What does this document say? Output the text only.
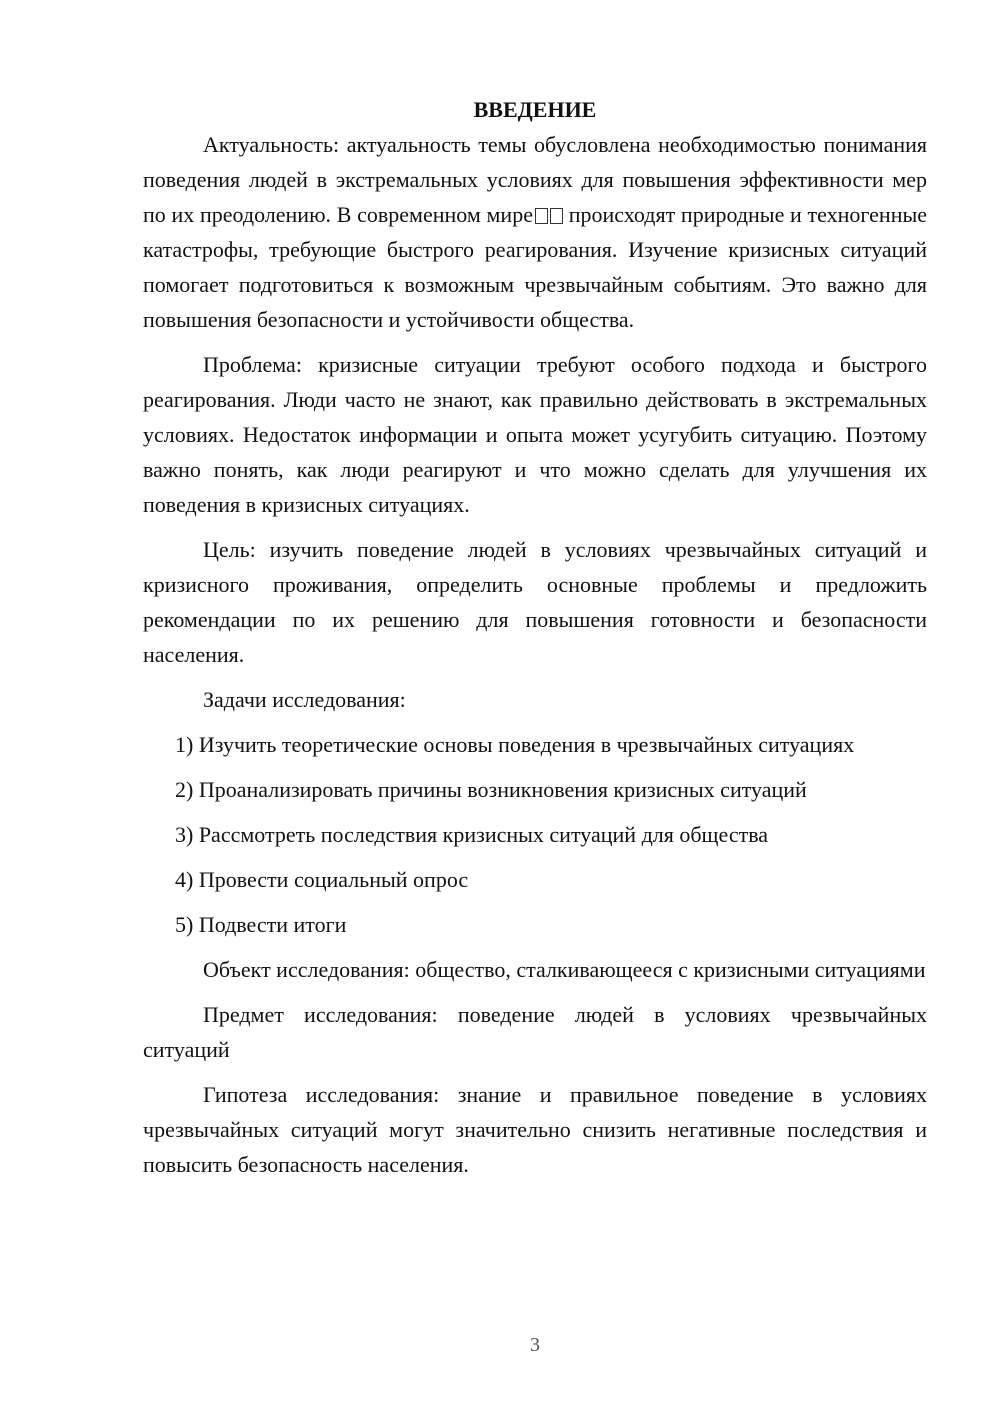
ВВЕДЕНИЕ

Актуальность: актуальность темы обусловлена необходимостью понимания поведения людей в экстремальных условиях для повышения эффективности мер по их преодолению. В современном мире происходят природные и техногенные катастрофы, требующие быстрого реагирования. Изучение кризисных ситуаций помогает подготовиться к возможным чрезвычайным событиям. Это важно для повышения безопасности и устойчивости общества.

Проблема: кризисные ситуации требуют особого подхода и быстрого реагирования. Люди часто не знают, как правильно действовать в экстремальных условиях. Недостаток информации и опыта может усугубить ситуацию. Поэтому важно понять, как люди реагируют и что можно сделать для улучшения их поведения в кризисных ситуациях.

Цель: изучить поведение людей в условиях чрезвычайных ситуаций и кризисного проживания, определить основные проблемы и предложить рекомендации по их решению для повышения готовности и безопасности населения.

Задачи исследования:

1) Изучить теоретические основы поведения в чрезвычайных ситуациях

2) Проанализировать причины возникновения кризисных ситуаций

3) Рассмотреть последствия кризисных ситуаций для общества

4) Провести социальный опрос

5) Подвести итоги

Объект исследования: общество, сталкивающееся с кризисными ситуациями

Предмет исследования: поведение людей в условиях чрезвычайных ситуаций

Гипотеза исследования: знание и правильное поведение в условиях чрезвычайных ситуаций могут значительно снизить негативные последствия и повысить безопасность населения.

3
